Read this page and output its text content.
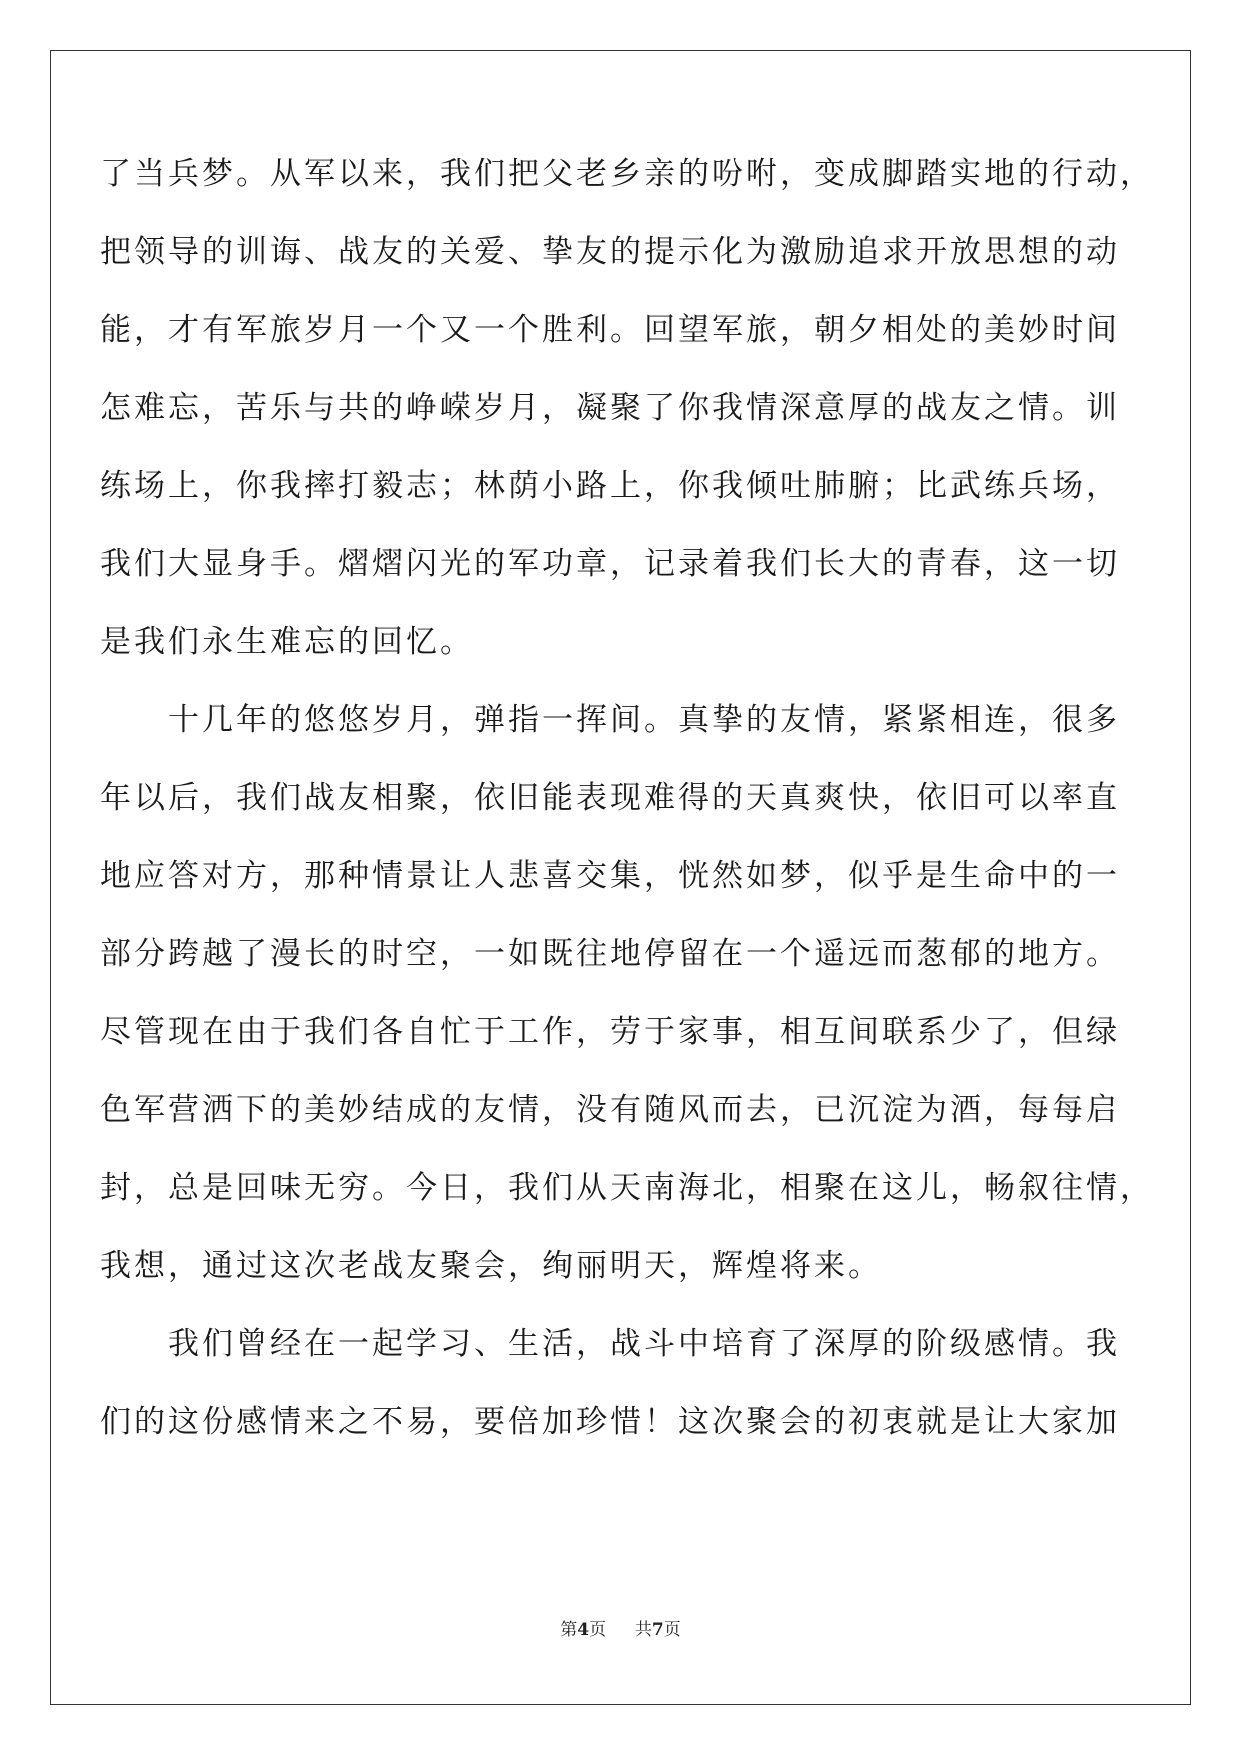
了当兵梦。从军以来，我们把父老乡亲的吩咐，变成脚踏实地的行动，
把领导的训诲、战友的关爱、挚友的提示化为激励追求开放思想的动
能，才有军旅岁月一个又一个胜利。回望军旅，朝夕相处的美妙时间
怎难忘，苦乐与共的峥嵘岁月，凝聚了你我情深意厚的战友之情。训
练场上，你我摔打毅志；林荫小路上，你我倾吐肺腑；比武练兵场，
我们大显身手。熠熠闪光的军功章，记录着我们长大的青春，这一切
是我们永生难忘的回忆。
　　十几年的悠悠岁月，弹指一挥间。真挚的友情，紧紧相连，很多
年以后，我们战友相聚，依旧能表现难得的天真爽快，依旧可以率直
地应答对方，那种情景让人悲喜交集，恍然如梦，似乎是生命中的一
部分跨越了漫长的时空，一如既往地停留在一个遥远而葱郁的地方。
尽管现在由于我们各自忙于工作，劳于家事，相互间联系少了，但绿
色军营洒下的美妙结成的友情，没有随风而去，已沉淀为酒，每每启
封，总是回味无穷。今日，我们从天南海北，相聚在这儿，畅叙往情，
我想，通过这次老战友聚会，绚丽明天，辉煌将来。
　　我们曾经在一起学习、生活，战斗中培育了深厚的阶级感情。我
们的这份感情来之不易，要倍加珍惜！这次聚会的初衷就是让大家加
第4页 共7页
